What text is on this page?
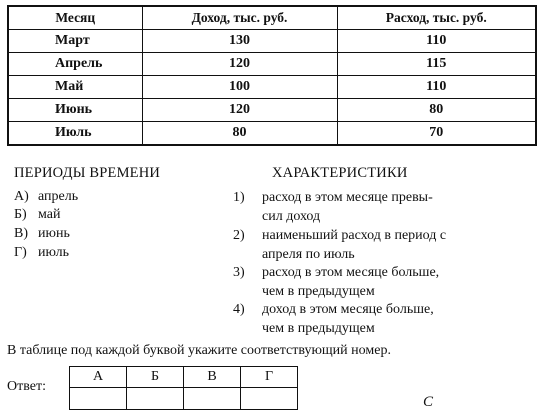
Месяц	Доход, тыс. руб.	Расход, тыс. руб.
Март	130	110
Апрель	120	115
Май	100	110
Июнь	120	80
Июль	80	70
ПЕРИОДЫ ВРЕМЕНИ	ХАРАКТЕРИСТИКИ
А) апрель
Б) май
В) июнь
Г) июль
1) расход в этом месяце превы-
сил доход
2) наименьший расход в период с
апреля по июль
3) расход в этом месяце больше,
чем в предыдущем
4) доход в этом месяце больше,
чем в предыдущем
В таблице под каждой буквой укажите соответствующий номер.
Ответ:
А	Б	В	Г

С
